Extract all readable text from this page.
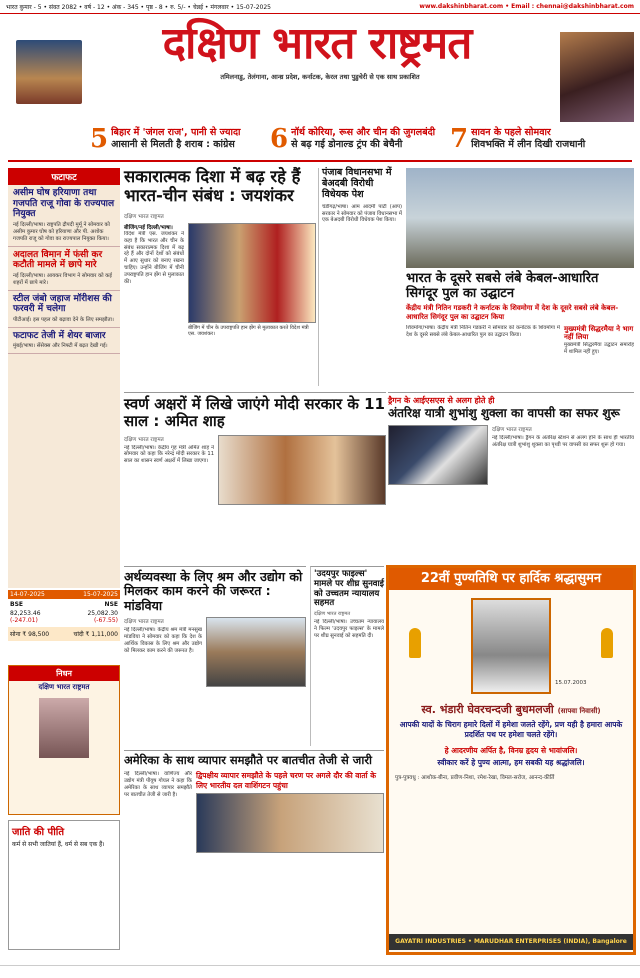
भारत कुमार - 5 • संवत 2082 • वर्ष - 12 • अंक - 345 • पृष्ठ - 8 • रु. 5/- • चेन्नई • मंगलवार • 15-07-2025	www.dakshinbharat.com • Email : chennai@dakshinbharat.com
दक्षिण भारत राष्ट्रमत
तमिलनाडु, तेलंगाना, आन्ध्र प्रदेश, कर्नाटक, केरल तथा पुडुचेरी से एक साथ प्रकाशित
5 बिहार में 'जंगल राज', पानी से ज्यादा
आसानी से मिलती है शराब : कांग्रेस 6 नॉर्थ कोरिया, रूस और चीन की जुगलबंदी
से बढ़ गई डोनाल्ड ट्रंप की बेचैनी	7 सावन के पहले सोमवार
शिवभक्ति में लीन दिखी राजधानी
फटाफट
असीम घोष हरियाणा तथा गजपति राजू गोवा के राज्यपाल नियुक्त
नई दिल्ली/भाषा। राष्ट्रपति द्रौपदी मुर्मू ने सोमवार को असीम कुमार घोष को हरियाणा और पी. अशोक गजपति राजू को गोवा का राज्यपाल नियुक्त किया।
अदालत विमान में फंसी कर कटौती मामले में छापे मारे
नई दिल्ली/भाषा। आयकर विभाग ने सोमवार को कई शहरों में छापे मारे।
स्टील जंबो जहाज मॉरीशस की फरवरी में चलेगा
पीटीआई। इस पहल को बढ़ावा देने के लिए समझौता।
फटाफट तेजी में शेयर बाजार
मुंबई/भाषा। सेंसेक्स और निफ्टी में बढ़त देखी गई।
14-07-2025	15-07-2025
BSE	NSE
82,253.46	25,082.30
(-247.01)	(-67.55)
सोना ₹ 98,500	चांदी ₹ 1,11,000
निधन
दक्षिण भारत राष्ट्रमत
जाति की पीति
कर्म से सभी जातियां हैं, धर्म से सब एक हैं।
सकारात्मक दिशा में बढ़ रहे हैं भारत-चीन संबंध : जयशंकर
दक्षिण भारत राष्ट्रमत
बीजिंग/नई दिल्ली/भाषा।
विदेश मंत्री एस. जयशंकर ने कहा है कि भारत और चीन के संबंध सकारात्मक दिशा में बढ़ रहे हैं और दोनों देशों को संबंधों में आए सुधार को बनाए रखना चाहिए। उन्होंने बीजिंग में चीनी उपराष्ट्रपति हान झेंग से मुलाकात की।
बीजिंग में चीन के उपराष्ट्रपति हान झेंग से मुलाकात करते विदेश मंत्री एस. जयशंकर।
पंजाब विधानसभा में बेअदबी विरोधी विधेयक पेश
चंडीगढ़/भाषा। आम आदमी पार्टी (आप) सरकार ने सोमवार को पंजाब विधानसभा में एक बेअदबी विरोधी विधेयक पेश किया।
भारत के दूसरे सबसे लंबे केबल-आधारित सिगंदूर पुल का उद्घाटन
केंद्रीय मंत्री नितिन गडकरी ने कर्नाटक के शिवमोगा में देश के दूसरे सबसे लंबे केबल-आधारित सिगंदूर पुल का उद्घाटन किया
शिवमोगा/भाषा। केंद्रीय मंत्री नितिन गडकरी ने सोमवार को कर्नाटक के शिवमोगा में देश के दूसरे सबसे लंबे केबल-आधारित पुल का उद्घाटन किया।
मुख्यमंत्री सिद्धरमैया ने भाग नहीं लिया
मुख्यमंत्री सिद्धरमैया उद्घाटन समारोह में शामिल नहीं हुए।
स्वर्ण अक्षरों में लिखे जाएंगे मोदी सरकार के 11 साल : अमित शाह
दक्षिण भारत राष्ट्रमत
नई दिल्ली/भाषा। केंद्रीय गृह मंत्री अमित शाह ने सोमवार को कहा कि नरेन्द्र मोदी सरकार के 11 साल का शासन स्वर्ण अक्षरों में लिखा जाएगा।
ड्रैगन के आईएसएस से अलग होते ही
अंतरिक्ष यात्री शुभांशु शुक्ला का वापसी का सफर शुरू
दक्षिण भारत राष्ट्रमत
नई दिल्ली/भाषा। ड्रैगन के अंतरिक्ष स्टेशन से अलग होने के साथ ही भारतीय अंतरिक्ष यात्री शुभांशु शुक्ला का पृथ्वी पर वापसी का सफर शुरू हो गया।
अर्थव्यवस्था के लिए श्रम और उद्योग को मिलकर काम करने की जरूरत : मांडविया
दक्षिण भारत राष्ट्रमत
नई दिल्ली/भाषा। केंद्रीय श्रम मंत्री मनसुख मांडविया ने सोमवार को कहा कि देश के आर्थिक विकास के लिए श्रम और उद्योग को मिलकर काम करने की जरूरत है।
'उदयपुर फाइल्स' मामले पर शीघ्र सुनवाई को उच्चतम न्यायालय सहमत
दक्षिण भारत राष्ट्रमत
नई दिल्ली/भाषा। उच्चतम न्यायालय ने फिल्म 'उदयपुर फाइल्स' के मामले पर शीघ्र सुनवाई को सहमति दी।
अमेरिका के साथ व्यापार समझौते पर बातचीत तेजी से जारी
नई दिल्ली/भाषा। वाणिज्य और उद्योग मंत्री पीयूष गोयल ने कहा कि अमेरिका के साथ व्यापार समझौते पर बातचीत तेजी से जारी है।
द्विपक्षीय व्यापार समझौते के पहले चरण पर अगले दौर की वार्ता के लिए भारतीय दल वाशिंगटन पहुंचा
22वीं पुण्यतिथि पर हार्दिक श्रद्धासुमन
15.07.2003
स्व. भंडारी घेवरचन्दजी बुधमलजी (सापवा निवासी)
आपकी यादों के चिराग हमारे दिलों में हमेशा जलते रहेंगे, प्रण यही है हमारा आपके प्रदर्शित पथ पर हमेशा चलते रहेंगे।
हे आदरणीय अर्पित है, विनम्र हृदय से भावांजलि।
स्वीकार करें हे पुण्य आत्मा, हम सबकी यह श्रद्धांजलि।
पुत्र-पुत्रवधु : आशोक-बीना, प्रवीण-निशा, रमेश-रेखा, विमल-सरोज, आनन्द-कीर्ति
GAYATRI INDUSTRIES • MARUDHAR ENTERPRISES (INDIA), Bangalore
